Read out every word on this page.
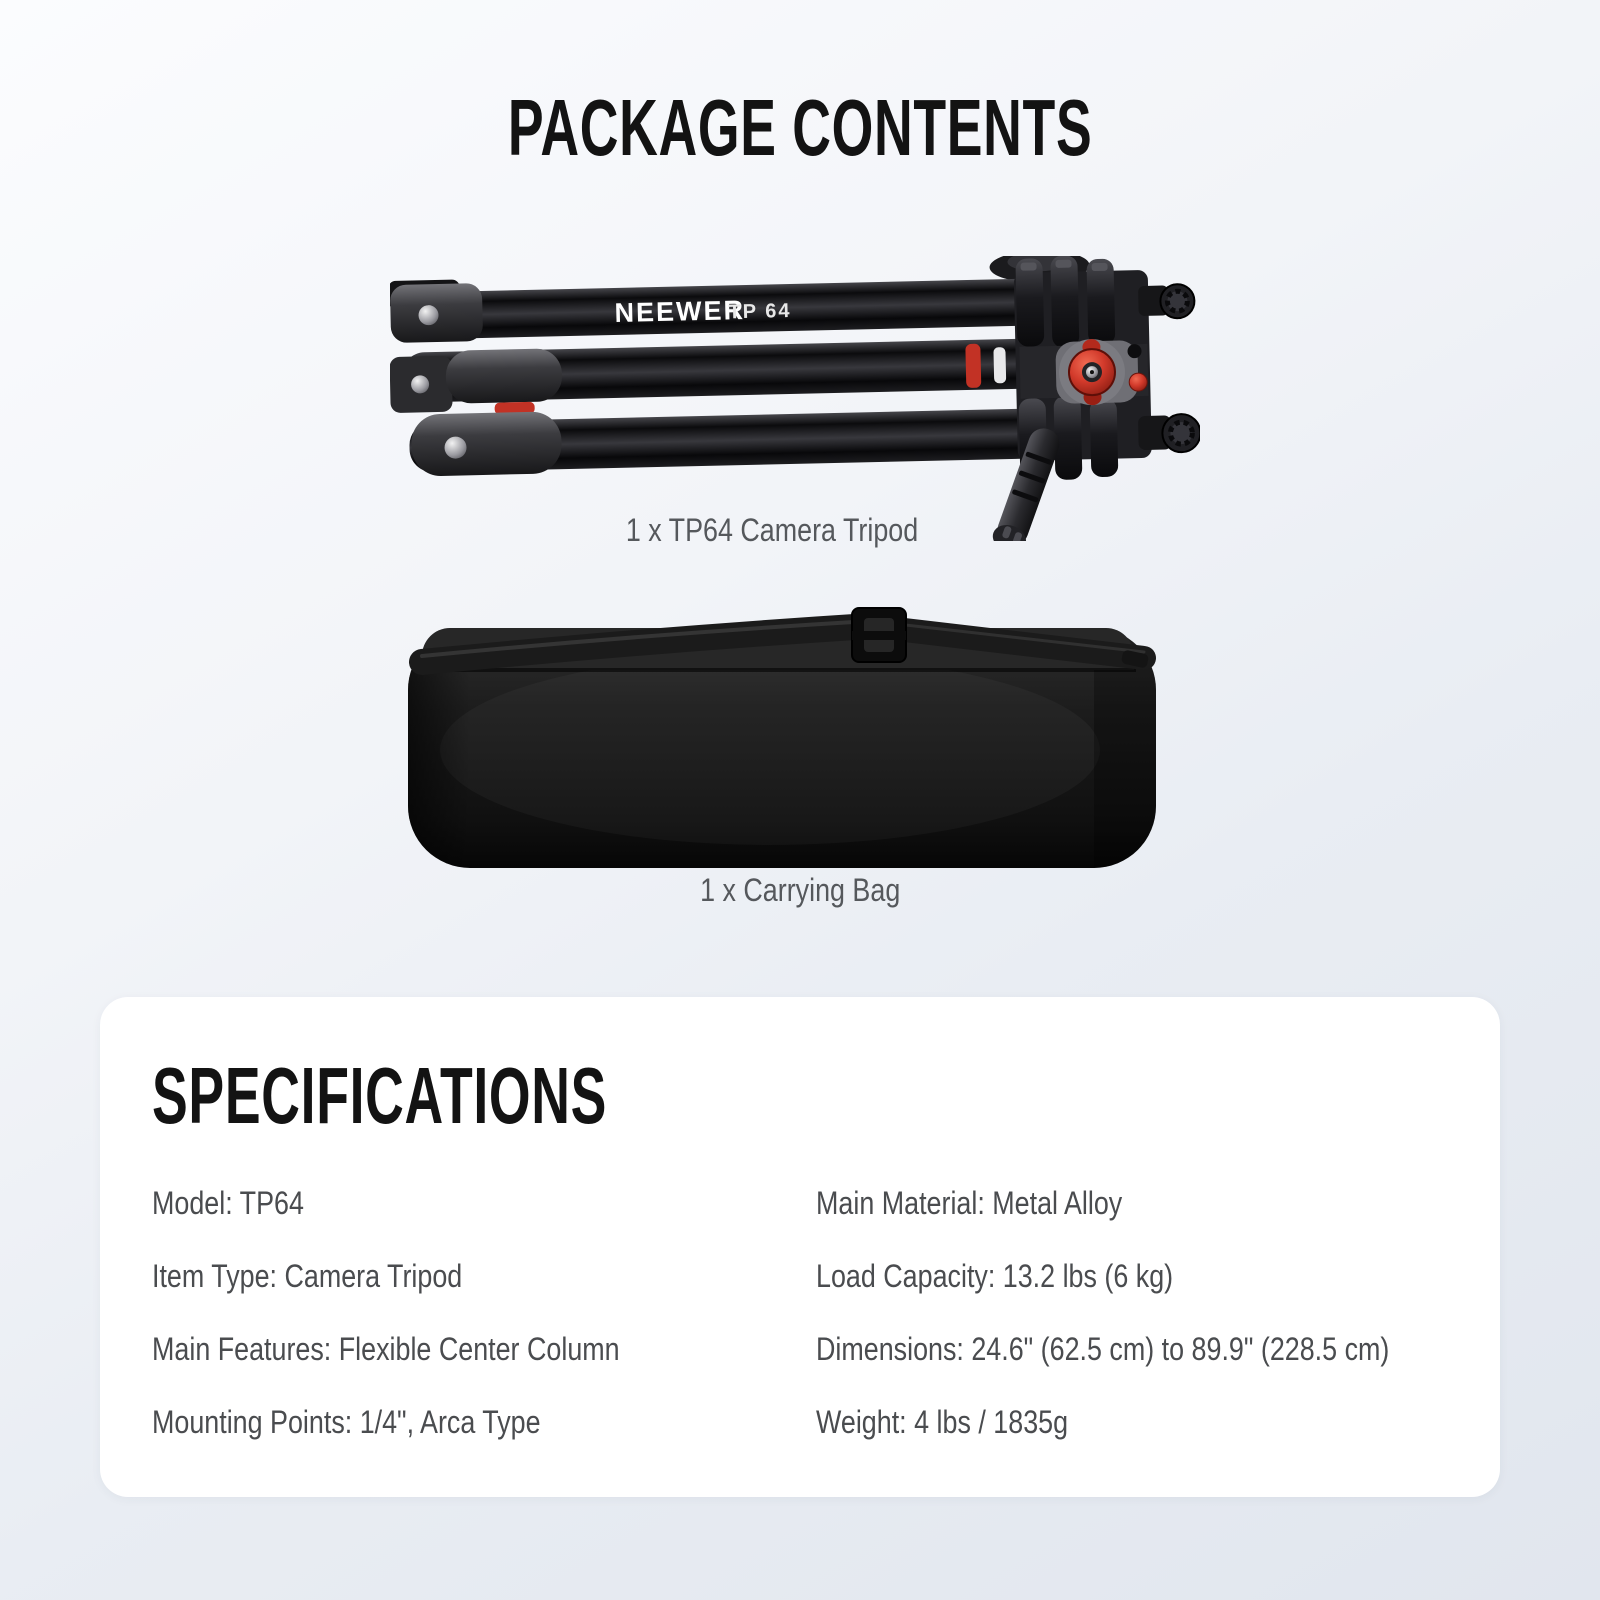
PACKAGE CONTENTS
NEEWER
TP 64
1 x TP64 Camera Tripod
1 x Carrying Bag
SPECIFICATIONS

Model: TP64

Item Type: Camera Tripod

Main Features: Flexible Center Column

Mounting Points: 1/4", Arca Type

Main Material: Metal Alloy

Load Capacity: 13.2 lbs (6 kg)

Dimensions: 24.6" (62.5 cm) to 89.9" (228.5 cm)

Weight: 4 lbs / 1835g
